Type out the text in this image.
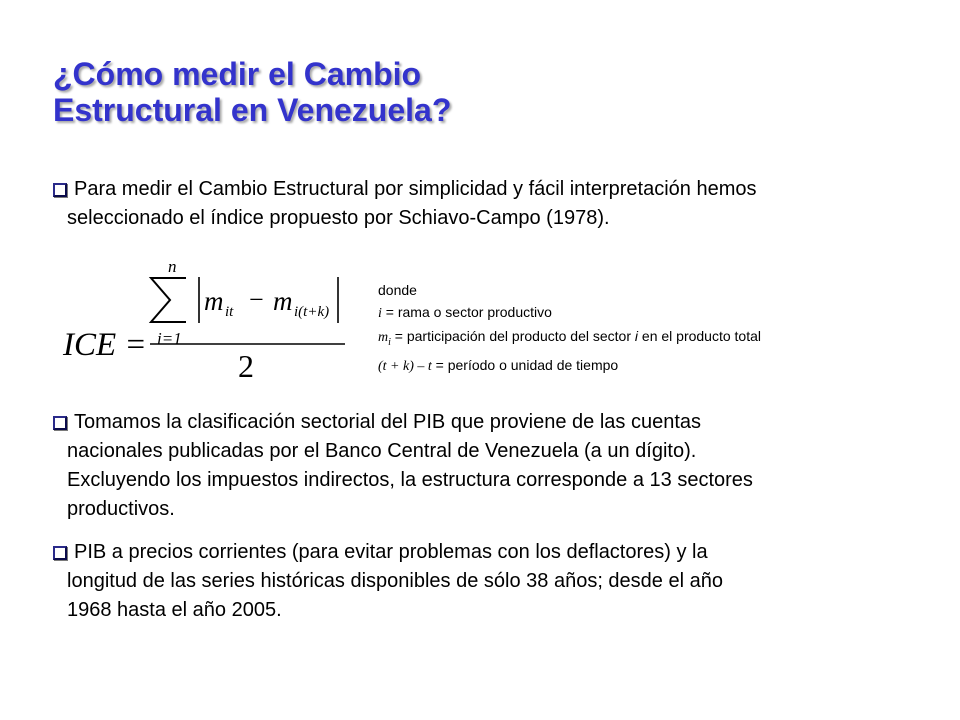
¿Cómo medir el Cambio
Estructural en Venezuela?
Para medir el Cambio Estructural por simplicidad y fácil interpretación hemos
seleccionado el índice propuesto por Schiavo-Campo (1978).
ICE =
n
i=1
m it − m i(t+k)
2
donde
i = rama o sector productivo
$m_i$ = participación del producto del sector i en el producto total
(t + k) – t = período o unidad de tiempo
Tomamos la clasificación sectorial del PIB que proviene de las cuentas
nacionales publicadas por el Banco Central de Venezuela (a un dígito).
Excluyendo los impuestos indirectos, la estructura corresponde a 13 sectores
productivos.
PIB a precios corrientes (para evitar problemas con los deflactores) y la
longitud de las series históricas disponibles de sólo 38 años; desde el año
1968 hasta el año 2005.
